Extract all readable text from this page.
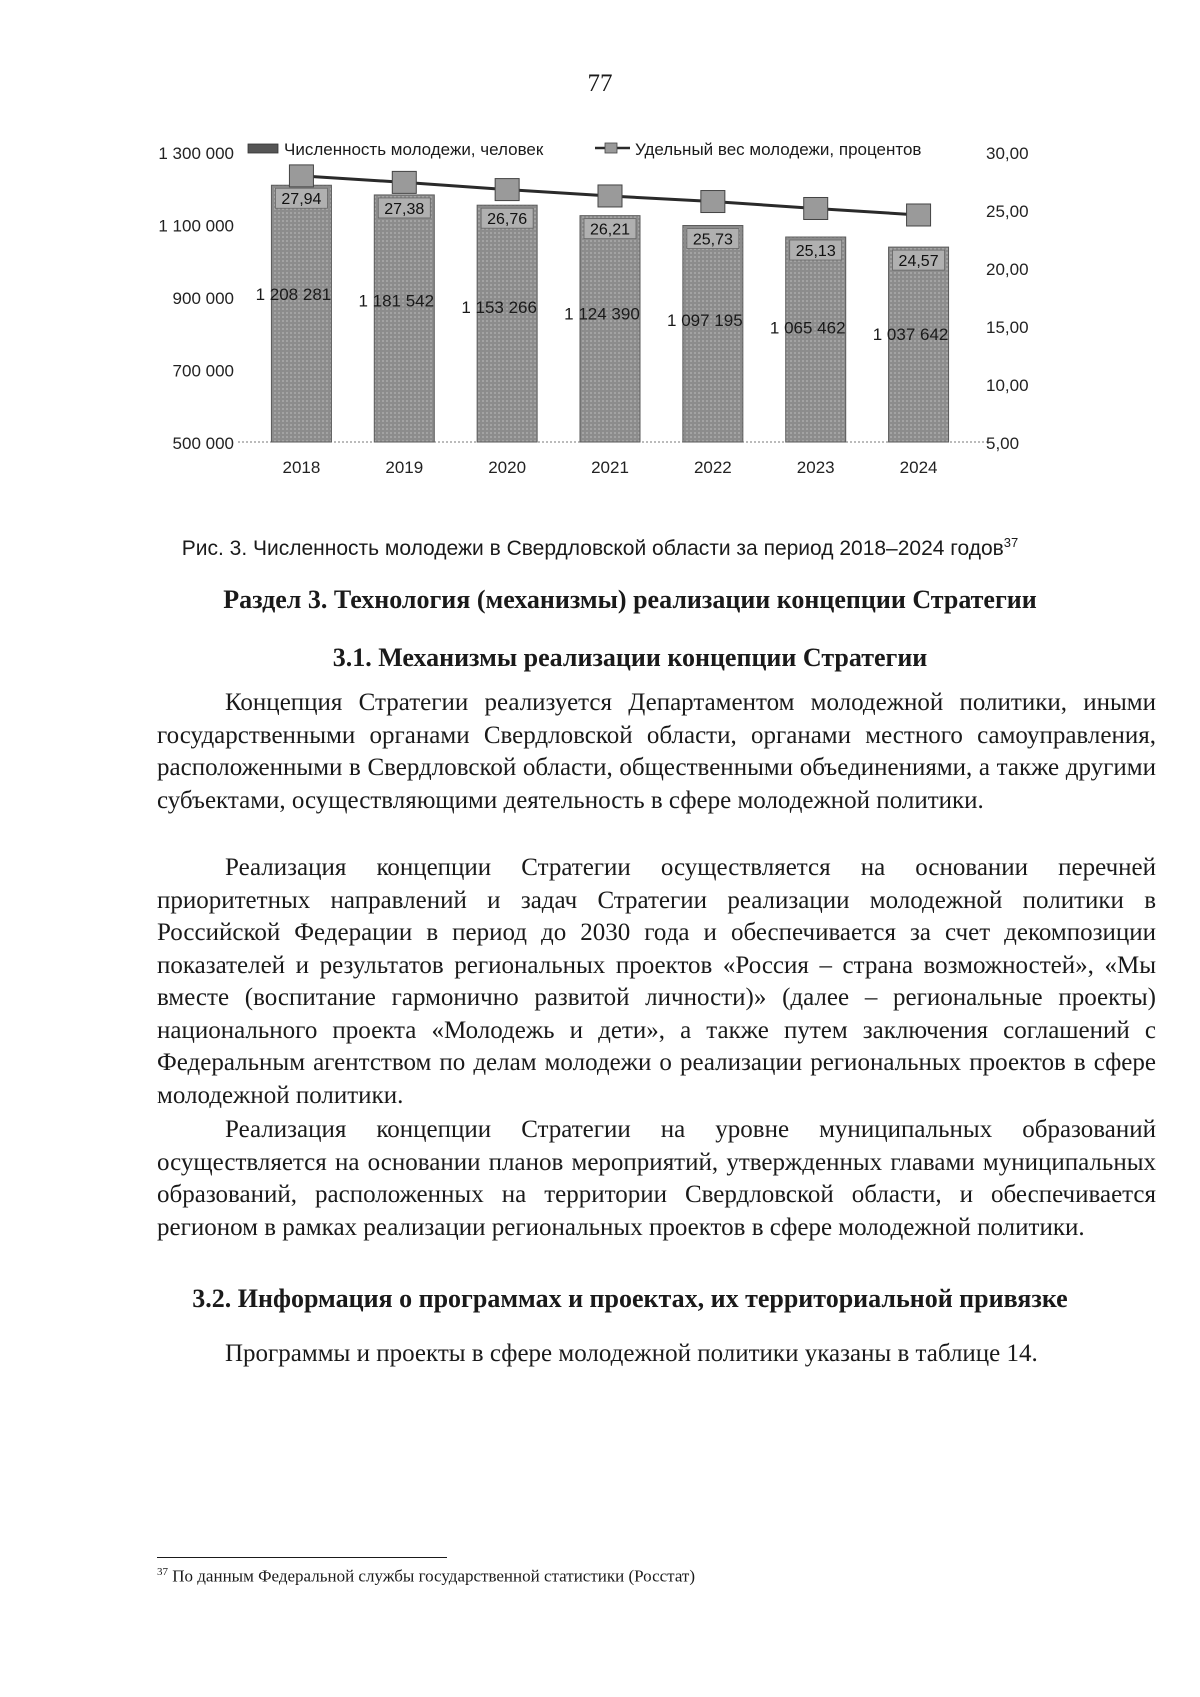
77
500 000
700 000
900 000
1 100 000
1 300 000
5,00
10,00
15,00
20,00
25,00
30,00
1 208 281 1 181 542 1 153 266 1 124 390 1 097 195 1 065 462 1 037 642
27,94
27,38
26,76
26,21
25,73
25,13
24,57
2018	2019	2020	2021	2022	2023	2024
Численность молодежи, человек	Удельный вес молодежи, процентов
Рис. 3. Численность молодежи в Свердловской области за период 2018–2024 годов$^{37}$
Раздел 3. Технология (механизмы) реализации концепции Стратегии
3.1. Механизмы реализации концепции Стратегии

Концепция Стратегии реализуется Департаментом молодежной политики, иными государственными органами Свердловской области, органами местного самоуправления, расположенными в Свердловской области, общественными объединениями, а также другими субъектами, осуществляющими деятельность в сфере молодежной политики.

Реализация концепции Стратегии осуществляется на основании перечней приоритетных направлений и задач Стратегии реализации молодежной политики в Российской Федерации в период до 2030 года и обеспечивается за счет декомпозиции показателей и результатов региональных проектов «Россия – страна возможностей», «Мы вместе (воспитание гармонично развитой личности)» (далее – региональные проекты) национального проекта «Молодежь и дети», а также путем заключения соглашений с Федеральным агентством по делам молодежи о реализации региональных проектов в сфере молодежной политики.

Реализация концепции Стратегии на уровне муниципальных образований осуществляется на основании планов мероприятий, утвержденных главами муниципальных образований, расположенных на территории Свердловской области, и обеспечивается регионом в рамках реализации региональных проектов в сфере молодежной политики.

3.2. Информация о программах и проектах, их территориальной привязке

Программы и проекты в сфере молодежной политики указаны в таблице 14.

$^{37}$ По данным Федеральной службы государственной статистики (Росстат)
